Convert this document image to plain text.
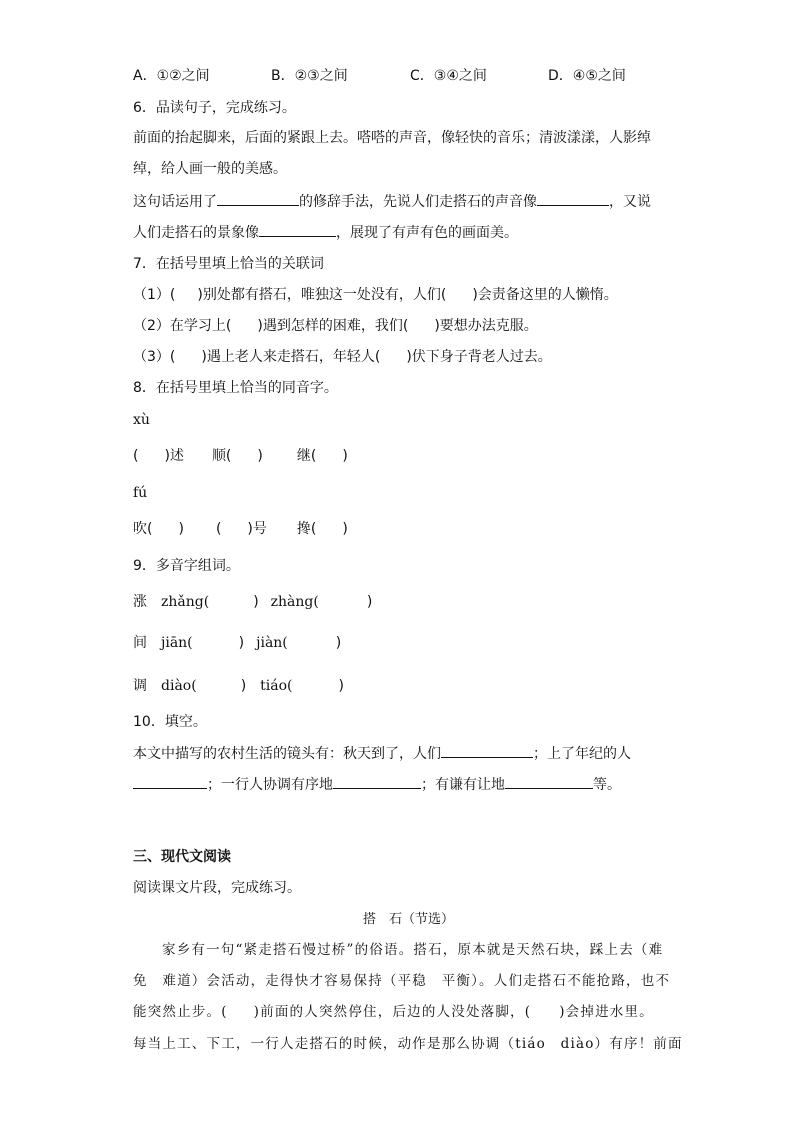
A．①②之间	B．②③之间	C．③④之间	D．④⑤之间
6．品读句子，完成练习。
前面的抬起脚来，后面的紧跟上去。嗒嗒的声音，像轻快的音乐；清波漾漾，人影绰
绰，给人画一般的美感。
这句话运用了	的修辞手法，先说人们走搭石的声音像	，又说
人们走搭石的景象像	，展现了有声有色的画面美。
7．在括号里填上恰当的关联词
（1）( )别处都有搭石，唯独这一处没有，人们( )会责备这里的人懒惰。
（2）在学习上( )遇到怎样的困难，我们( )要想办法克服。
（3）( )遇上老人来走搭石，年轻人( )伏下身子背老人过去。
8．在括号里填上恰当的同音字。
xù
( )述 顺( ) 继( )
fú
吹( ) ( )号 搀( )
9．多音字组词。
涨 zhǎng(	) zhàng(	)
间 jiān(	) jiàn(	)
调 diào(	) tiáo(	)
10．填空。
本文中描写的农村生活的镜头有：秋天到了，人们	；上了年纪的人
；一行人协调有序地	；有谦有让地	等。
三、现代文阅读
阅读课文片段，完成练习。
搭　石（节选）
家乡有一句“紧走搭石慢过桥”的俗语。搭石，原本就是天然石块，踩上去（难
免　难道）会活动，走得快才容易保持（平稳　平衡）。人们走搭石不能抢路，也不
能突然止步。( )前面的人突然停住，后边的人没处落脚，( )会掉进水里。
每当上工、下工，一行人走搭石的时候，动作是那么协调（tiáo　diào）有序！前面
